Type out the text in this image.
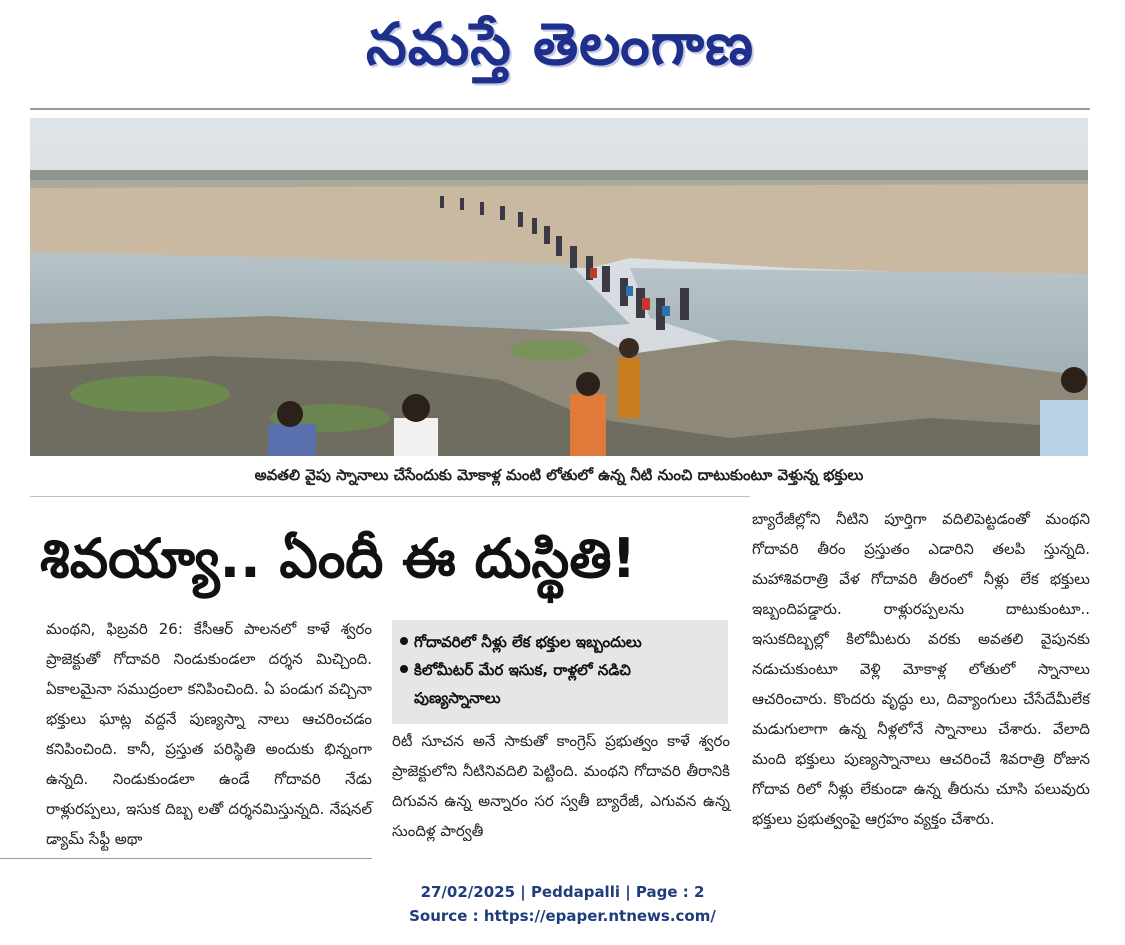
నమస్తే తెలంగాణ
అవతలి వైపు స్నానాలు చేసేందుకు మోకాళ్ల మంటి లోతులో ఉన్న నీటి నుంచి దాటుకుంటూ వెళ్తున్న భక్తులు
శివయ్యా.. ఏందీ ఈ దుస్థితి!

మంథని, ఫిబ్రవరి 26: కేసీఆర్ పాలనలో కాళే శ్వరం ప్రాజెక్టుతో గోదావరి నిండుకుండలా దర్శన మిచ్చింది. ఏకాలమైనా సముద్రంలా కనిపించింది. ఏ పండుగ వచ్చినా భక్తులు ఘాట్ల వద్దనే పుణ్యస్నా నాలు ఆచరించడం కనిపించింది. కానీ, ప్రస్తుత పరిస్థితి అందుకు భిన్నంగా ఉన్నది. నిండుకుండలా ఉండే గోదావరి నేడు రాళ్లురప్పలు, ఇసుక దిబ్బ లతో దర్శనమిస్తున్నది. నేషనల్ డ్యామ్ సేఫ్టీ అథా

గోదావరిలో నీళ్లు లేక భక్తుల ఇబ్బందులు
కిలోమీటర్ మేర ఇసుక, రాళ్లలో నడిచి పుణ్యస్నానాలు

రిటీ సూచన అనే సాకుతో కాంగ్రెస్ ప్రభుత్వం కాళే శ్వరం ప్రాజెక్టులోని నీటినివదిలి పెట్టింది. మంథని గోదావరి తీరానికి దిగువన ఉన్న అన్నారం సర స్వతీ బ్యారేజీ, ఎగువన ఉన్న సుందిళ్ల పార్వతీ

బ్యారేజీల్లోని నీటిని పూర్తిగా వదిలిపెట్టడంతో మంథని గోదావరి తీరం ప్రస్తుతం ఎడారిని తలపి స్తున్నది. మహాశివరాత్రి వేళ గోదావరి తీరంలో నీళ్లు లేక భక్తులు ఇబ్బందిపడ్డారు. రాళ్లురప్పలను దాటుకుంటూ.. ఇసుకదిబ్బల్లో కిలోమీటరు వరకు అవతలి వైపునకు నడుచుకుంటూ వెళ్లి మోకాళ్ల లోతులో స్నానాలు ఆచరించారు. కొందరు వృద్ధు లు, దివ్యాంగులు చేసేదేమీలేక మడుగులాగా ఉన్న నీళ్లలోనే స్నానాలు చేశారు. వేలాది మంది భక్తులు పుణ్యస్నానాలు ఆచరించే శివరాత్రి రోజున గోదావ రిలో నీళ్లు లేకుండా ఉన్న తీరును చూసి పలువురు భక్తులు ప్రభుత్వంపై ఆగ్రహం వ్యక్తం చేశారు.

27/02/2025 | Peddapalli | Page : 2
Source : https://epaper.ntnews.com/
